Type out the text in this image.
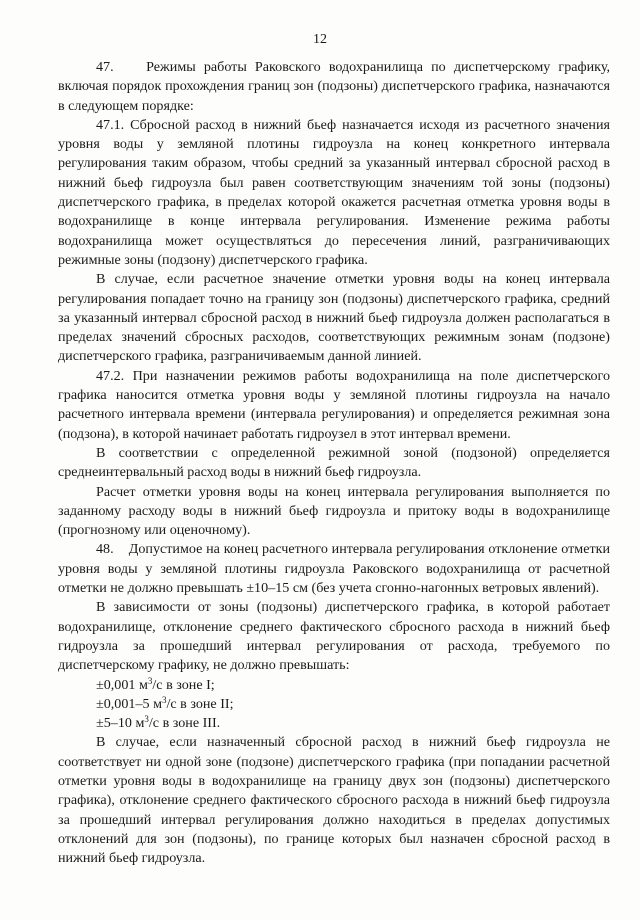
12

47.    Режимы работы Раковского водохранилища по диспетчерскому графику, включая порядок прохождения границ зон (подзоны) диспетчерского графика, назначаются в следующем порядке:

47.1. Сбросной расход в нижний бьеф назначается исходя из расчетного значения уровня воды у земляной плотины гидроузла на конец конкретного интервала регулирования таким образом, чтобы средний за указанный интервал сбросной расход в нижний бьеф гидроузла был равен соответствующим значениям той зоны (подзоны) диспетчерского графика, в пределах которой окажется расчетная отметка уровня воды в водохранилище в конце интервала регулирования. Изменение режима работы водохранилища может осуществляться до пересечения линий, разграничивающих режимные зоны (подзону) диспетчерского графика.

В случае, если расчетное значение отметки уровня воды на конец интервала регулирования попадает точно на границу зон (подзоны) диспетчерского графика, средний за указанный интервал сбросной расход в нижний бьеф гидроузла должен располагаться в пределах значений сбросных расходов, соответствующих режимным зонам (подзоне) диспетчерского графика, разграничиваемым данной линией.

47.2. При назначении режимов работы водохранилища на поле диспетчерского графика наносится отметка уровня воды у земляной плотины гидроузла на начало расчетного интервала времени (интервала регулирования) и определяется режимная зона (подзона), в которой начинает работать гидроузел в этот интервал времени.

В соответствии с определенной режимной зоной (подзоной) определяется среднеинтервальный расход воды в нижний бьеф гидроузла.

Расчет отметки уровня воды на конец интервала регулирования выполняется по заданному расходу воды в нижний бьеф гидроузла и притоку воды в водохранилище (прогнозному или оценочному).

48.    Допустимое на конец расчетного интервала регулирования отклонение отметки уровня воды у земляной плотины гидроузла Раковского водохранилища от расчетной отметки не должно превышать ±10–15 см (без учета сгонно-нагонных ветровых явлений).

В зависимости от зоны (подзоны) диспетчерского графика, в которой работает водохранилище, отклонение среднего фактического сбросного расхода в нижний бьеф гидроузла за прошедший интервал регулирования от расхода, требуемого по диспетчерскому графику, не должно превышать:

±0,001 $м^3/с$ в зоне I;

±0,001–5 $м^3/с$ в зоне II;

±5–10 $м^3/с$ в зоне III.

В случае, если назначенный сбросной расход в нижний бьеф гидроузла не соответствует ни одной зоне (подзоне) диспетчерского графика (при попадании расчетной отметки уровня воды в водохранилище на границу двух зон (подзоны) диспетчерского графика), отклонение среднего фактического сбросного расхода в нижний бьеф гидроузла за прошедший интервал регулирования должно находиться в пределах допустимых отклонений для зон (подзоны), по границе которых был назначен сбросной расход в нижний бьеф гидроузла.
